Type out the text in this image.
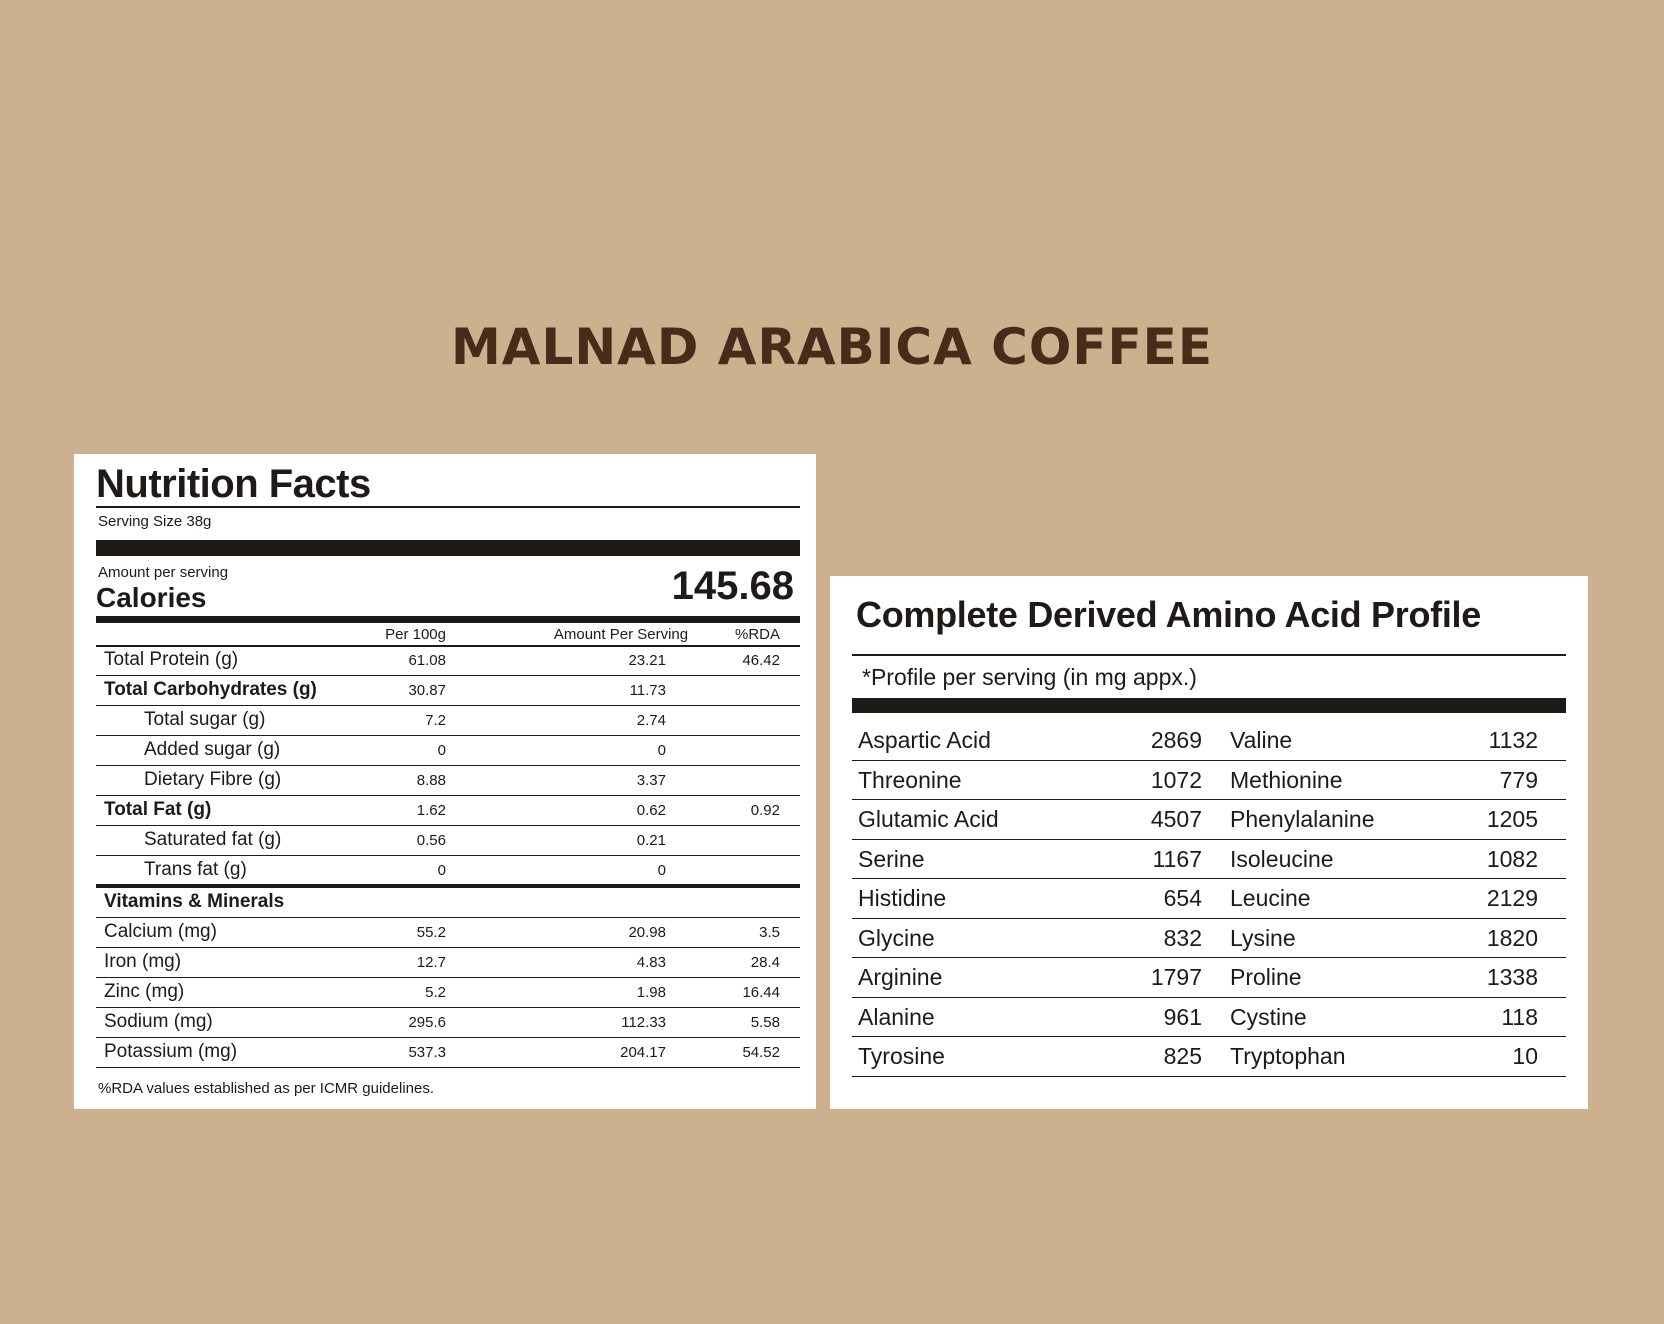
MALNAD ARABICA COFFEE
Nutrition Facts
Serving Size 38g
Amount per serving
Calories	145.68
Per 100g	Amount Per Serving	%RDA
Total Protein (g)	61.08	23.21	46.42
Total Carbohydrates (g)	30.87	11.73
Total sugar (g)	7.2	2.74
Added sugar (g)	0	0
Dietary Fibre (g)	8.88	3.37
Total Fat (g)	1.62	0.62	0.92
Saturated fat (g)	0.56	0.21
Trans fat (g)	0	0
Vitamins & Minerals
Calcium (mg)	55.2	20.98	3.5
Iron (mg)	12.7	4.83	28.4
Zinc (mg)	5.2	1.98	16.44
Sodium (mg)	295.6	112.33	5.58
Potassium (mg)	537.3	204.17	54.52
%RDA values established as per ICMR guidelines.
Complete Derived Amino Acid Profile
*Profile per serving (in mg appx.)
Aspartic Acid	2869 Valine	1132
Threonine	1072 Methionine	779
Glutamic Acid	4507 Phenylalanine	1205
Serine	1167 Isoleucine	1082
Histidine	654 Leucine	2129
Glycine	832 Lysine	1820
Arginine	1797 Proline	1338
Alanine	961 Cystine	118
Tyrosine	825 Tryptophan	10
